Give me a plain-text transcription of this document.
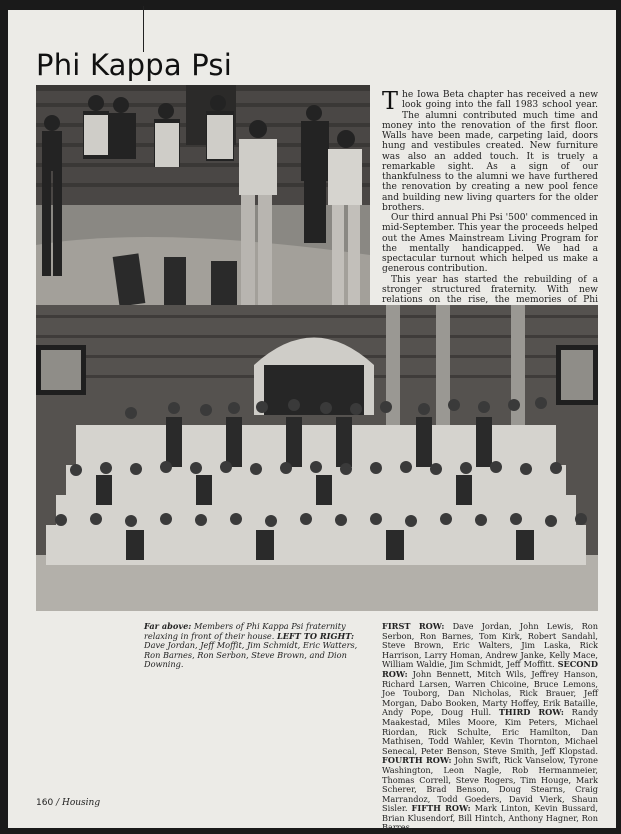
Phi Kappa Psi

The Iowa Beta chapter has received a new look going into the fall 1983 school year. The alumni contributed much time and money into the renovation of the first floor. Walls have been made, carpeting laid, doors hung and vestibules created. New furniture was also an added touch. It is truely a remarkable sight. As a sign of our thankfulness to the alumni we have furthered the renovation by creating a new pool fence and building new living quarters for the older brothers.

Our third annual Phi Psi '500' commenced in mid-September. This year the proceeds helped out the Ames Mainstream Living Program for the mentally handicapped. We had a spectacular turnout which helped us make a generous contribution.

This year has started the rebuilding of a stronger structured fraternity. With new relations on the rise, the memories of Phi

Far above: Members of Phi Kappa Psi fraternity relaxing in front of their house. LEFT TO RIGHT: Dave Jordan, Jeff Moffit, Jim Schmidt, Eric Watters, Ron Barnes, Ron Serbon, Steve Brown, and Dion Downing.

FIRST ROW: Dave Jordan, John Lewis, Ron Serbon, Ron Barnes, Tom Kirk, Robert Sandahl, Steve Brown, Eric Walters, Jim Laska, Rick Harrison, Larry Homan, Andrew Janke, Kelly Mace, William Waldie, Jim Schmidt, Jeff Moffitt. SECOND ROW: John Bennett, Mitch Wils, Jeffrey Hanson, Richard Larsen, Warren Chicoine, Bruce Lemons, Joe Touborg, Dan Nicholas, Rick Brauer, Jeff Morgan, Dabo Booken, Marty Hoffey, Erik Bataille, Andy Pope, Doug Hull. THIRD ROW: Randy Maakestad, Miles Moore, Kim Peters, Michael Riordan, Rick Schulte, Eric Hamilton, Dan Mathisen, Todd Wahler, Kevin Thornton, Michael Senecal, Peter Benson, Steve Smith, Jeff Klopstad. FOURTH ROW: John Swift, Rick Vanselow, Tyrone Washington, Leon Nagle, Rob Hermanmeier, Thomas Correll, Steve Rogers, Tim Houge, Mark Scherer, Brad Benson, Doug Stearns, Craig Marrandoz, Todd Goeders, David Vierk, Shaun Sisler. FIFTH ROW: Mark Linton, Kevin Bussard, Brian Klusendorf, Bill Hintch, Anthony Hagner, Ron Barres.

160 / Housing
